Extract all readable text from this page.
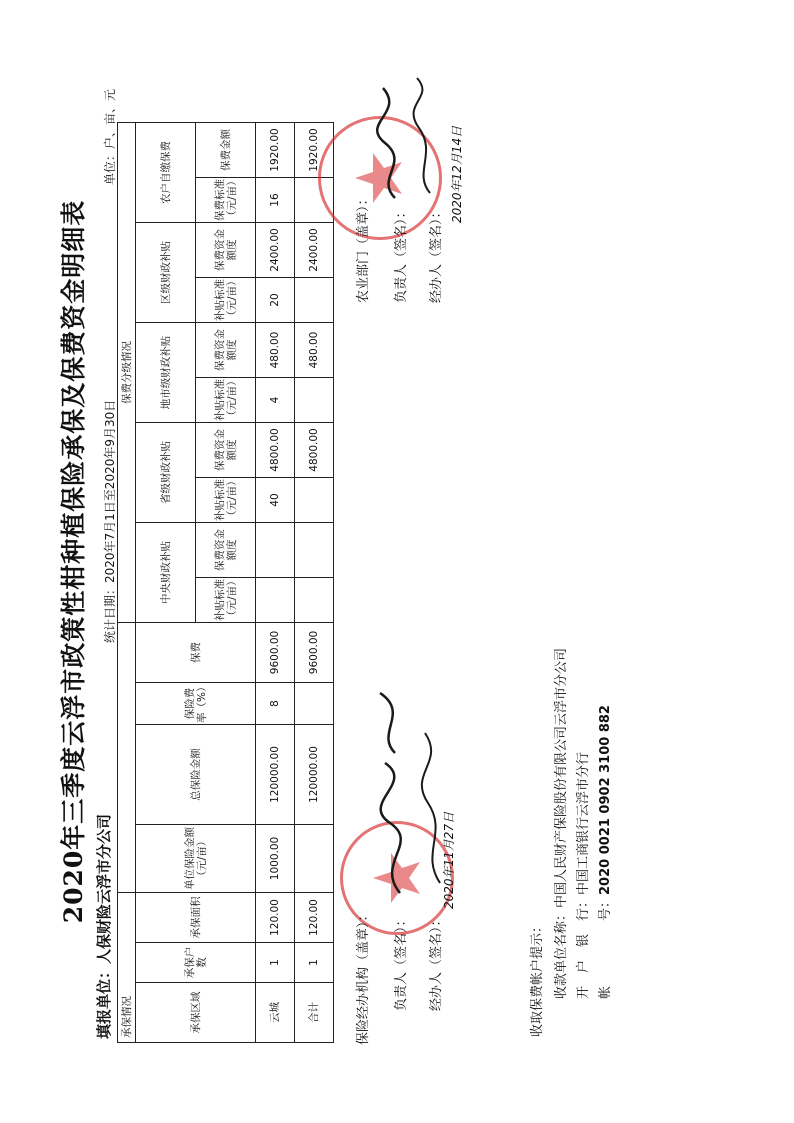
2020年三季度云浮市政策性柑种植保险承保及保费资金明细表
填报单位：人保财险云浮市分公司
统计日期：2020年7月1日至2020年9月30日
单位：户、亩、元
承保情况							保费分级情况									
承保区域	承保户数	承保面积	单位保险金额（元/亩）	总保险金额	保险费率（%）	保费	中央财政补贴		省级财政补贴		地市级财政补贴		区级财政补贴		农户自缴保费	
							补贴标准（元/亩）	保费资金额度	补贴标准（元/亩）	保费资金额度	补贴标准（元/亩）	保费资金额度	补贴标准（元/亩）	保费资金额度	保费标准（元/亩）	保费金额
云城	1	120.00	1000.00	120000.00	8	9600.00			40	4800.00	4	480.00	20	2400.00	16	1920.00
合计	1	120.00		120000.00		9600.00				4800.00		480.00		2400.00		1920.00
保险经办机构（盖章）：	负责人（签名）：	经办人（签名）：
2020年11月27日
农业部门（盖章）：	负责人（签名）：	经办人（签名）：
2020年12月14日
收取保费帐户提示： 收款单位名称：中国人民财产保险股份有限公司云浮市分公司
开　户　银　行：中国工商银行云浮市分行
帐　　　　　号：2020 0021 0902 3100 882
